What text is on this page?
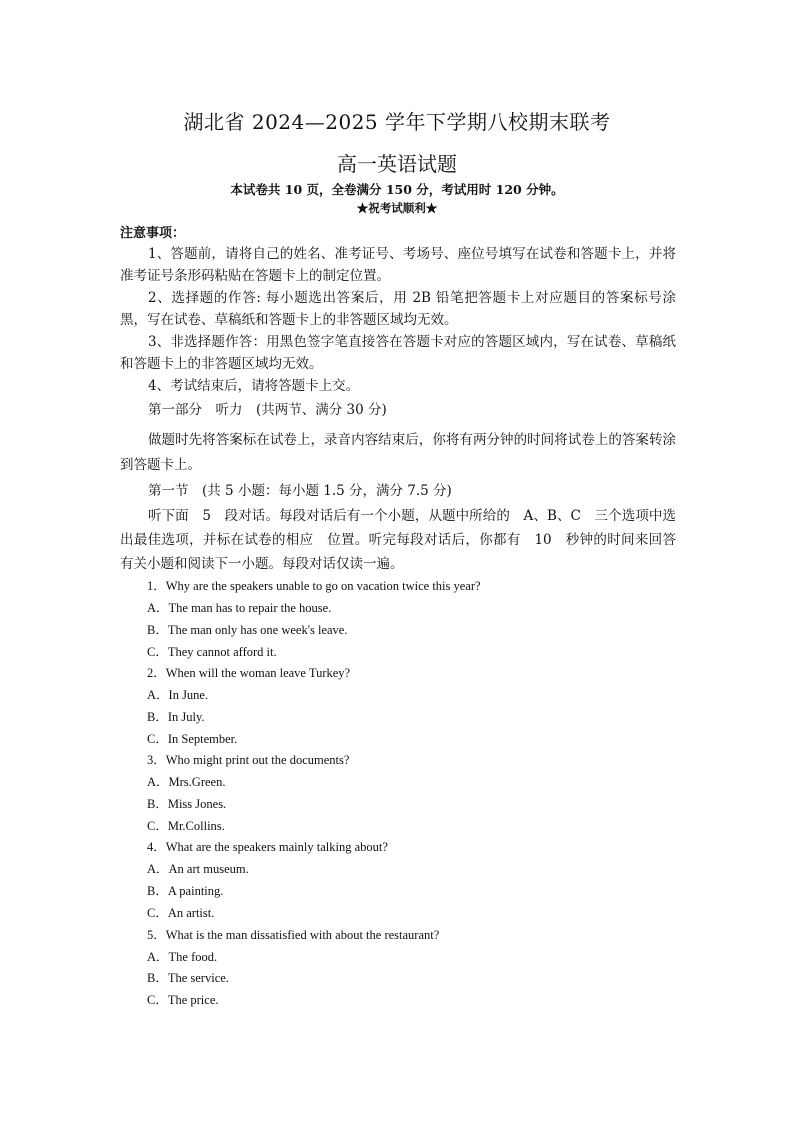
湖北省 2024—2025 学年下学期八校期末联考
高一英语试题
本试卷共 10 页，全卷满分 150 分，考试用时 120 分钟。
★祝考试顺利★
注意事项：
1、答题前，请将自己的姓名、准考证号、考场号、座位号填写在试卷和答题卡上，并将准考证号条形码粘贴在答题卡上的制定位置。
2、选择题的作答: 每小题选出答案后，用 2B 铅笔把答题卡上对应题目的答案标号涂黑，写在试卷、草稿纸和答题卡上的非答题区域均无效。
3、非选择题作答：用黑色签字笔直接答在答题卡对应的答题区域内，写在试卷、草稿纸和答题卡上的非答题区域均无效。
4、考试结束后，请将答题卡上交。
第一部分　听力　(共两节、满分 30 分)
做题时先将答案标在试卷上，录音内容结束后，你将有两分钟的时间将试卷上的答案转涂到答题卡上。
第一节　(共 5 小题：每小题 1.5 分，满分 7.5 分)
听下面　5　段对话。每段对话后有一个小题，从题中所给的　A、B、C　三个选项中选出最佳选项，并标在试卷的相应　位置。听完每段对话后，你都有　10　秒钟的时间来回答有关小题和阅读下一小题。每段对话仅读一遍。
1．Why are the speakers unable to go on vacation twice this year?
A．The man has to repair the house.
B．The man only has one week's leave.
C．They cannot afford it.
2．When will the woman leave Turkey?
A．In June.
B．In July.
C．In September.
3．Who might print out the documents?
A．Mrs.Green.
B．Miss Jones.
C．Mr.Collins.
4．What are the speakers mainly talking about?
A．An art museum.
B．A painting.
C．An artist.
5．What is the man dissatisfied with about the restaurant?
A．The food.
B．The service.
C．The price.
